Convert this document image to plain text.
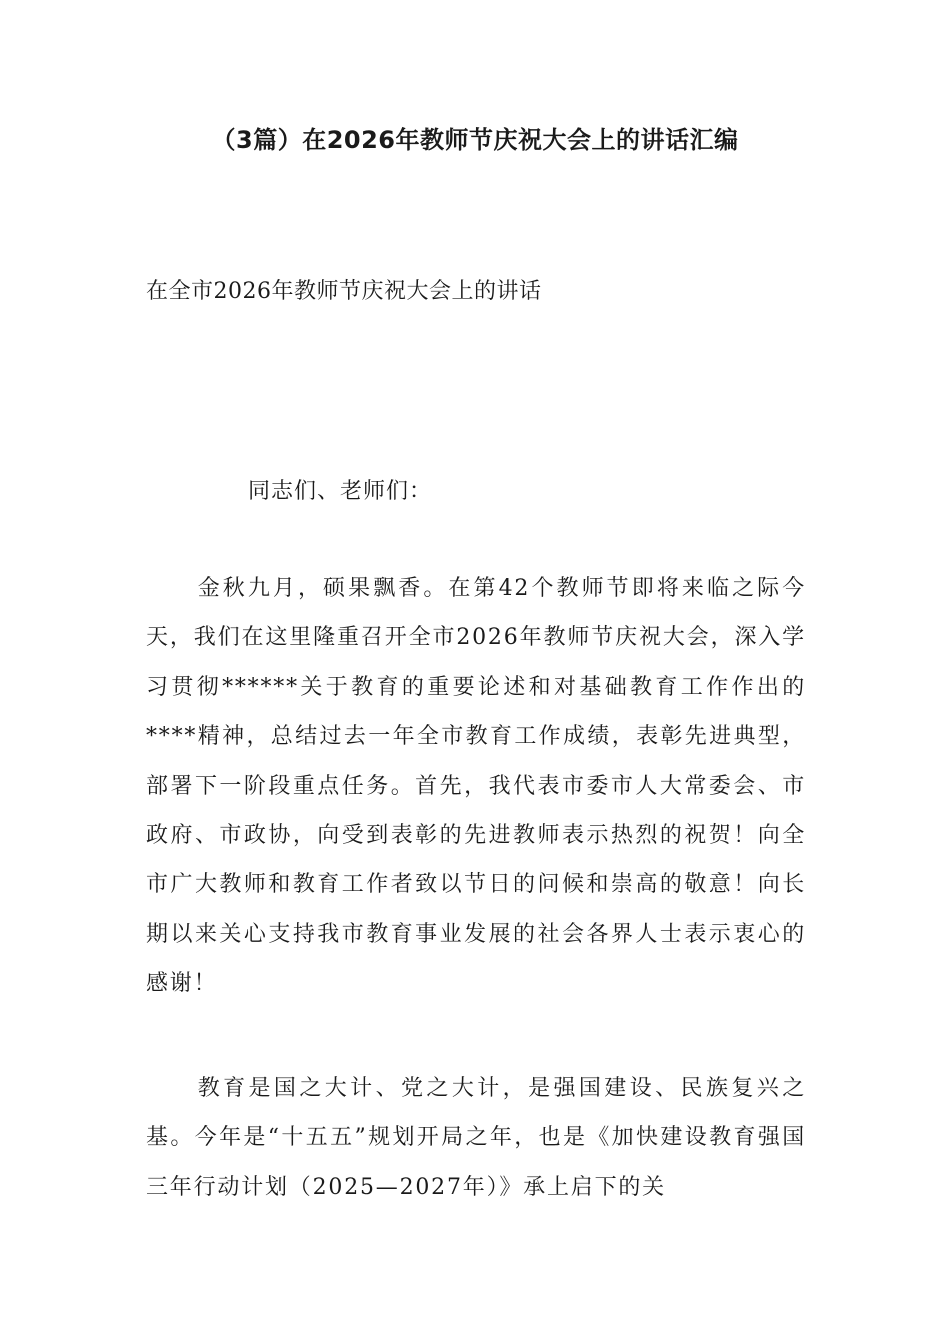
（3篇）在2026年教师节庆祝大会上的讲话汇编
在全市2026年教师节庆祝大会上的讲话

同志们、老师们：

金秋九月，硕果飘香。在第42个教师节即将来临之际今天，我们在这里隆重召开全市2026年教师节庆祝大会，深入学习贯彻******关于教育的重要论述和对基础教育工作作出的****精神，总结过去一年全市教育工作成绩，表彰先进典型，部署下一阶段重点任务。首先，我代表市委市人大常委会、市政府、市政协，向受到表彰的先进教师表示热烈的祝贺！向全市广大教师和教育工作者致以节日的问候和崇高的敬意！向长期以来关心支持我市教育事业发展的社会各界人士表示衷心的感谢！

教育是国之大计、党之大计，是强国建设、民族复兴之基。今年是“十五五”规划开局之年，也是《加快建设教育强国三年行动计划（2025—2027年）》承上启下的关
